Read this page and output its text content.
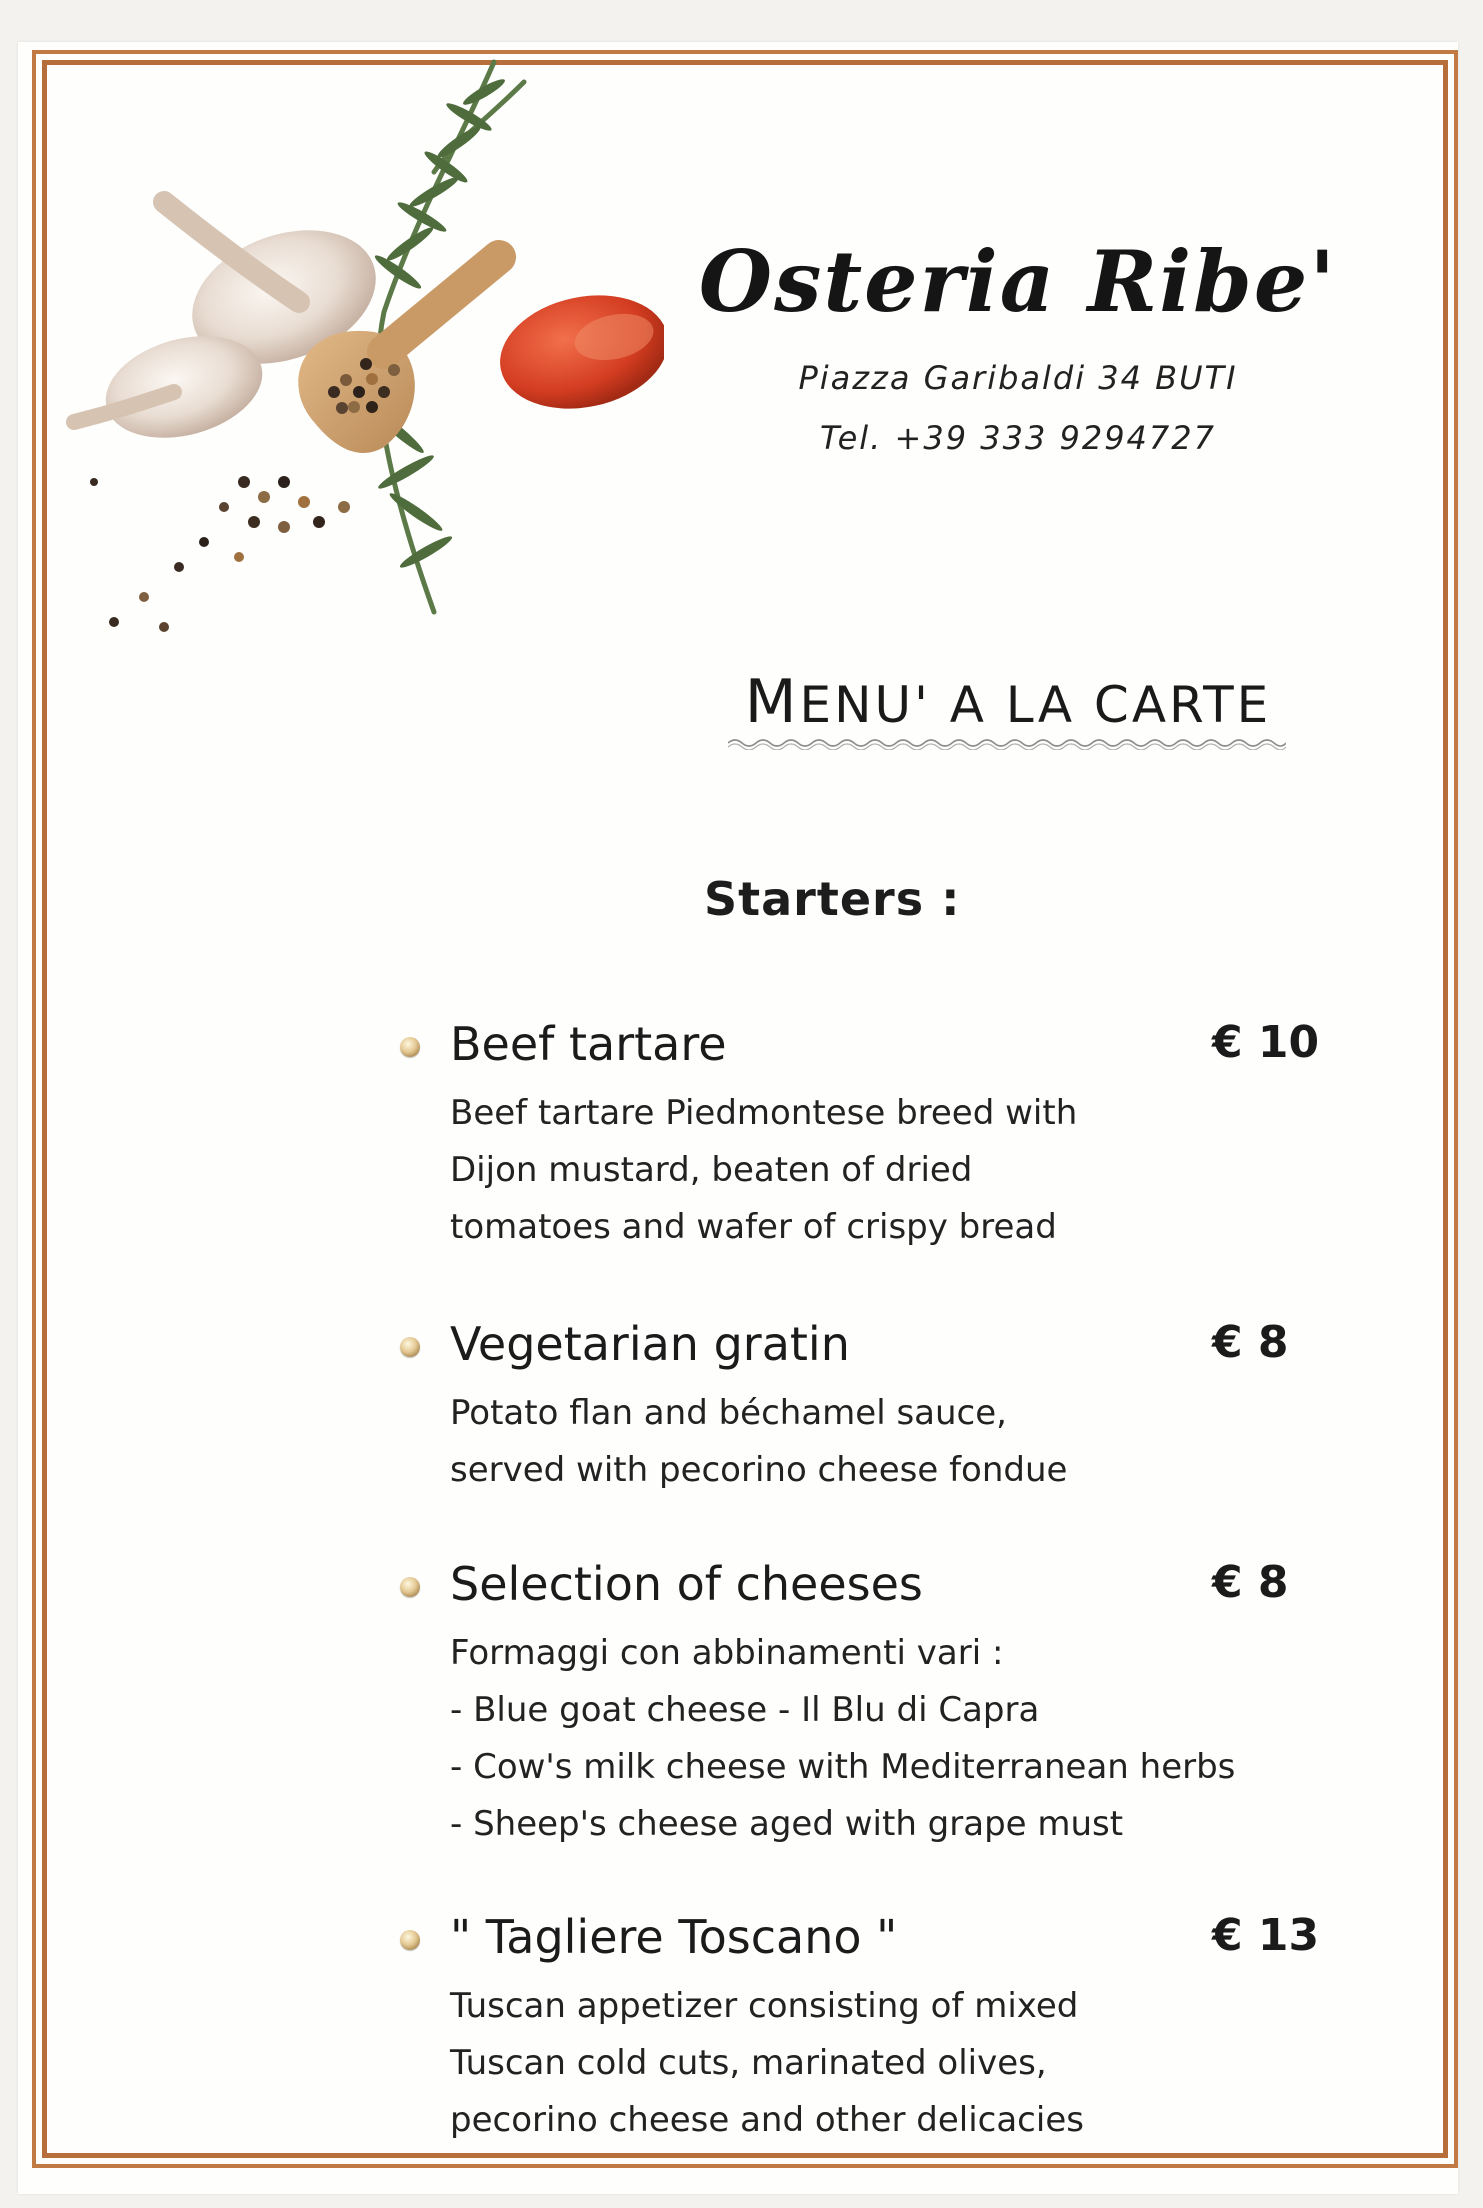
Osteria Ribe'
Piazza Garibaldi 34 BUTI
Tel. +39 333 9294727
MENU' A LA CARTE
Starters :
Beef tartare	€ 10
Beef tartare Piedmontese breed with
Dijon mustard, beaten of dried
tomatoes and wafer of crispy bread
Vegetarian gratin	€ 8
Potato flan and béchamel sauce,
served with pecorino cheese fondue
Selection of cheeses	€ 8
Formaggi con abbinamenti vari :
- Blue goat cheese - Il Blu di Capra
- Cow's milk cheese with Mediterranean herbs
- Sheep's cheese aged with grape must
" Tagliere Toscano "	€ 13
Tuscan appetizer consisting of mixed
Tuscan cold cuts, marinated olives,
pecorino cheese and other delicacies
